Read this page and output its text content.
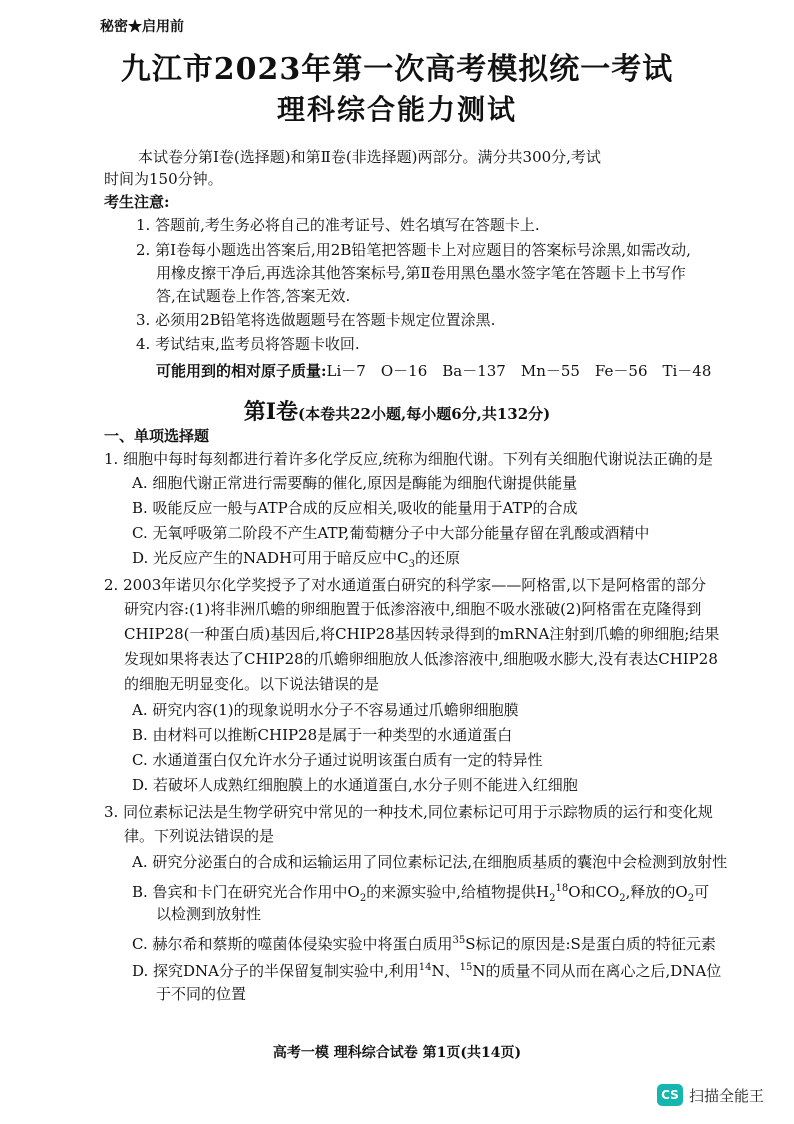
秘密★启用前
九江市2023年第一次高考模拟统一考试
理科综合能力测试
本试卷分第Ⅰ卷(选择题)和第Ⅱ卷(非选择题)两部分。满分共300分,考试
时间为150分钟。
考生注意:
1. 答题前,考生务必将自己的准考证号、姓名填写在答题卡上.
2. 第Ⅰ卷每小题选出答案后,用2B铅笔把答题卡上对应题目的答案标号涂黑,如需改动,
用橡皮擦干净后,再选涂其他答案标号,第Ⅱ卷用黑色墨水签字笔在答题卡上书写作
答,在试题卷上作答,答案无效.
3. 必须用2B铅笔将选做题题号在答题卡规定位置涂黑.
4. 考试结束,监考员将答题卡收回.
可能用到的相对原子质量:Li－7　O－16　Ba－137　Mn－55　Fe－56　Ti－48
第Ⅰ卷(本卷共22小题,每小题6分,共132分)
一、单项选择题
1. 细胞中每时每刻都进行着许多化学反应,统称为细胞代谢。下列有关细胞代谢说法正确的是
A. 细胞代谢正常进行需要酶的催化,原因是酶能为细胞代谢提供能量
B. 吸能反应一般与ATP合成的反应相关,吸收的能量用于ATP的合成
C. 无氧呼吸第二阶段不产生ATP,葡萄糖分子中大部分能量存留在乳酸或酒精中
D. 光反应产生的NADH可用于暗反应中$C_3$的还原
2. 2003年诺贝尔化学奖授予了对水通道蛋白研究的科学家——阿格雷,以下是阿格雷的部分
研究内容:(1)将非洲爪蟾的卵细胞置于低渗溶液中,细胞不吸水涨破(2)阿格雷在克隆得到
CHIP28(一种蛋白质)基因后,将CHIP28基因转录得到的mRNA注射到爪蟾的卵细胞;结果
发现如果将表达了CHIP28的爪蟾卵细胞放人低渗溶液中,细胞吸水膨大,没有表达CHIP28
的细胞无明显变化。以下说法错误的是
A. 研究内容(1)的现象说明水分子不容易通过爪蟾卵细胞膜
B. 由材料可以推断CHIP28是属于一种类型的水通道蛋白
C. 水通道蛋白仅允许水分子通过说明该蛋白质有一定的特异性
D. 若破坏人成熟红细胞膜上的水通道蛋白,水分子则不能进入红细胞
3. 同位素标记法是生物学研究中常见的一种技术,同位素标记可用于示踪物质的运行和变化规
律。下列说法错误的是
A. 研究分泌蛋白的合成和运输运用了同位素标记法,在细胞质基质的囊泡中会检测到放射性
B. 鲁宾和卡门在研究光合作用中$O_2$的来源实验中,给植物提供$H_2^{18}O$和$CO_2$,释放的$O_2$可
以检测到放射性
C. 赫尔希和蔡斯的噬菌体侵染实验中将蛋白质用$^{35}$S标记的原因是:S是蛋白质的特征元素
D. 探究DNA分子的半保留复制实验中,利用$^{14}$N、$^{15}$N的质量不同从而在离心之后,DNA位
于不同的位置
高考一模 理科综合试卷 第1页(共14页)
CS 扫描全能王
